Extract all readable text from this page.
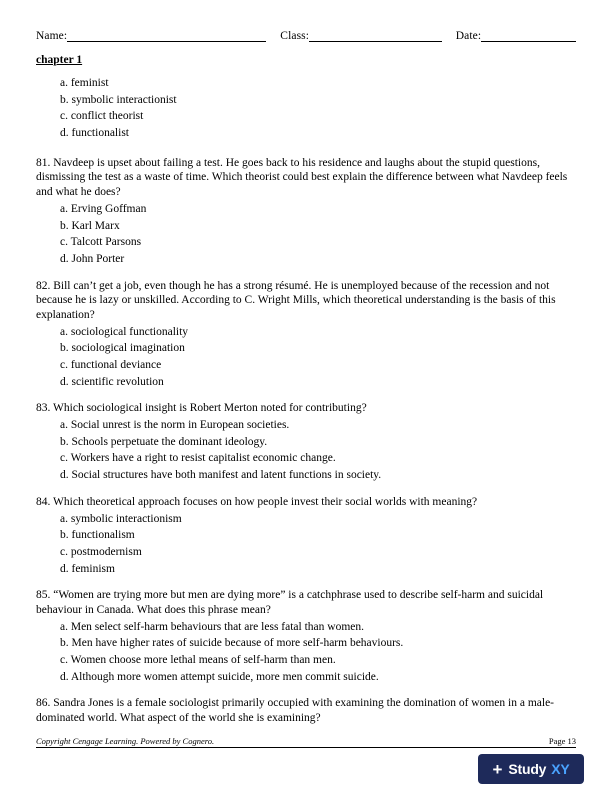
Name:	Class:	Date:
chapter 1
a. feminist
b. symbolic interactionist
c. conflict theorist
d. functionalist

81. Navdeep is upset about failing a test. He goes back to his residence and laughs about the stupid questions, dismissing the test as a waste of time. Which theorist could best explain the difference between what Navdeep feels and what he does?

a. Erving Goffman
b. Karl Marx
c. Talcott Parsons
d. John Porter

82. Bill can’t get a job, even though he has a strong résumé. He is unemployed because of the recession and not because he is lazy or unskilled. According to C. Wright Mills, which theoretical understanding is the basis of this explanation?

a. sociological functionality
b. sociological imagination
c. functional deviance
d. scientific revolution

83. Which sociological insight is Robert Merton noted for contributing?

a. Social unrest is the norm in European societies.
b. Schools perpetuate the dominant ideology.
c. Workers have a right to resist capitalist economic change.
d. Social structures have both manifest and latent functions in society.

84. Which theoretical approach focuses on how people invest their social worlds with meaning?

a. symbolic interactionism
b. functionalism
c. postmodernism
d. feminism

85. “Women are trying more but men are dying more” is a catchphrase used to describe self-harm and suicidal behaviour in Canada. What does this phrase mean?

a. Men select self-harm behaviours that are less fatal than women.
b. Men have higher rates of suicide because of more self-harm behaviours.
c. Women choose more lethal means of self-harm than men.
d. Although more women attempt suicide, more men commit suicide.

86. Sandra Jones is a female sociologist primarily occupied with examining the domination of women in a male-dominated world. What aspect of the world she is examining?

Copyright Cengage Learning. Powered by Cognero.	Page 13
+ Study XY
